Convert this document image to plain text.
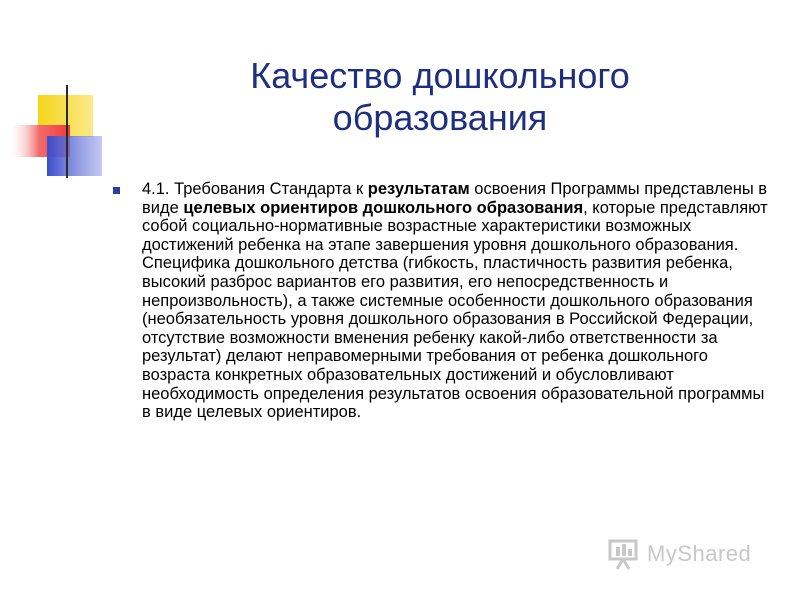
Качество дошкольного
образования
4.1. Требования Стандарта к результатам освоения Программы представлены в виде целевых ориентиров дошкольного образования, которые представляют собой социально-нормативные возрастные характеристики возможных достижений ребенка на этапе завершения уровня дошкольного образования. Специфика дошкольного детства (гибкость, пластичность развития ребенка, высокий разброс вариантов его развития, его непосредственность и непроизвольность), а также системные особенности дошкольного образования (необязательность уровня дошкольного образования в Российской Федерации, отсутствие возможности вменения ребенку какой-либо ответственности за результат) делают неправомерными требования от ребенка дошкольного возраста конкретных образовательных достижений и обусловливают необходимость определения результатов освоения образовательной программы в виде целевых ориентиров.
MyShared
